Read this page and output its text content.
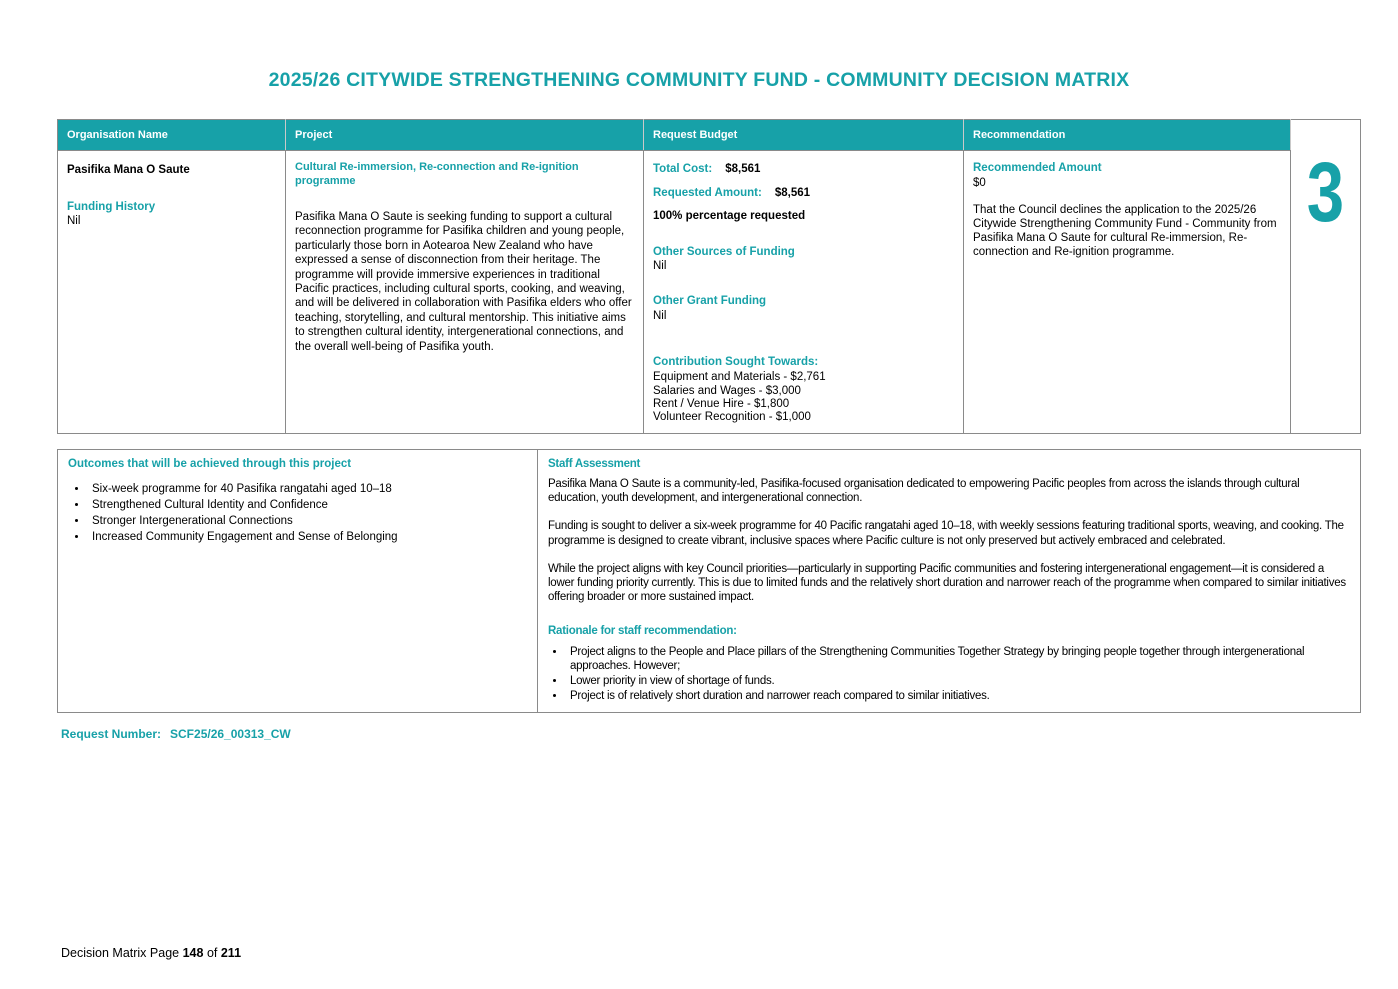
2025/26 CITYWIDE STRENGTHENING COMMUNITY FUND - COMMUNITY DECISION MATRIX
Organisation Name	Project	Request Budget	Recommendation	3

Pasifika Mana O Saute
Funding History
Nil

Cultural Re-immersion, Re-connection and Re-ignition programme
Pasifika Mana O Saute is seeking funding to support a cultural reconnection programme for Pasifika children and young people, particularly those born in Aotearoa New Zealand who have expressed a sense of disconnection from their heritage. The programme will provide immersive experiences in traditional Pacific practices, including cultural sports, cooking, and weaving, and will be delivered in collaboration with Pasifika elders who offer teaching, storytelling, and cultural mentorship. This initiative aims to strengthen cultural identity, intergenerational connections, and the overall well-being of Pasifika youth.

Total Cost: $8,561
Requested Amount: $8,561
100% percentage requested
Other Sources of Funding
Nil
Other Grant Funding
Nil
Contribution Sought Towards:
Equipment and Materials - $2,761
Salaries and Wages - $3,000
Rent / Venue Hire - $1,800
Volunteer Recognition - $1,000

Recommended Amount
$0
That the Council declines the application to the 2025/26 Citywide Strengthening Community Fund - Community from Pasifika Mana O Saute for cultural Re-immersion, Re-connection and Re-ignition programme.
Outcomes that will be achieved through this project
• Six-week programme for 40 Pasifika rangatahi aged 10–18
• Strengthened Cultural Identity and Confidence
• Stronger Intergenerational Connections
• Increased Community Engagement and Sense of Belonging

Staff Assessment

Pasifika Mana O Saute is a community-led, Pasifika-focused organisation dedicated to empowering Pacific peoples from across the islands through cultural education, youth development, and intergenerational connection.

Funding is sought to deliver a six-week programme for 40 Pacific rangatahi aged 10–18, with weekly sessions featuring traditional sports, weaving, and cooking. The programme is designed to create vibrant, inclusive spaces where Pacific culture is not only preserved but actively embraced and celebrated.

While the project aligns with key Council priorities—particularly in supporting Pacific communities and fostering intergenerational engagement—it is considered a lower funding priority currently. This is due to limited funds and the relatively short duration and narrower reach of the programme when compared to similar initiatives offering broader or more sustained impact.

Rationale for staff recommendation:
• Project aligns to the People and Place pillars of the Strengthening Communities Together Strategy by bringing people together through intergenerational approaches. However;
• Lower priority in view of shortage of funds.
• Project is of relatively short duration and narrower reach compared to similar initiatives.
Request Number: SCF25/26_00313_CW
Decision Matrix Page 148 of 211
